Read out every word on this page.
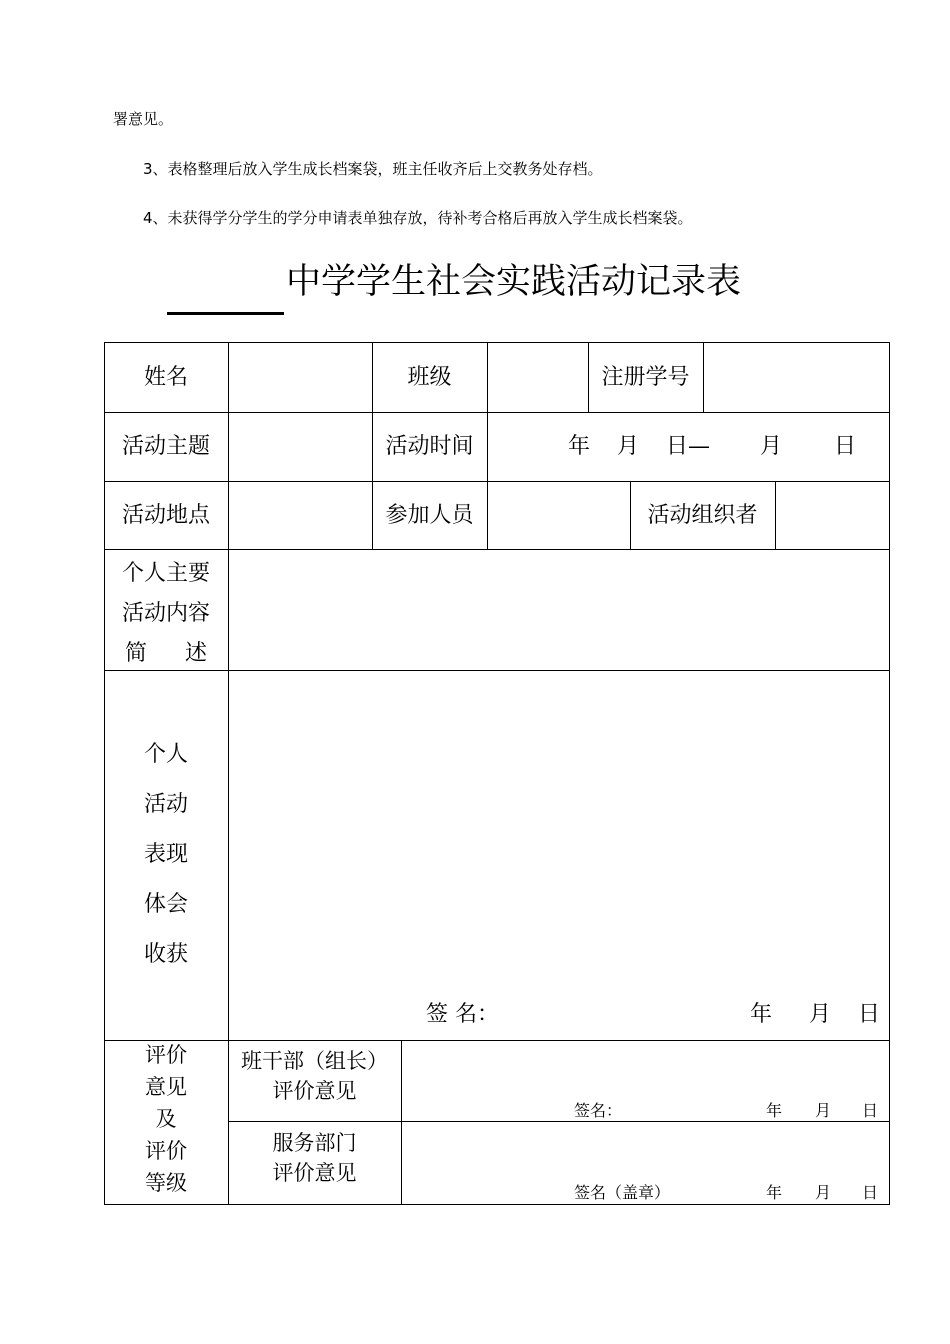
署意见。
3、表格整理后放入学生成长档案袋，班主任收齐后上交教务处存档。
4、未获得学分学生的学分申请表单独存放，待补考合格后再放入学生成长档案袋。
中学学生社会实践活动记录表
姓名	班级	注册学号
活动主题	活动时间	年 月 日— 月 日
活动地点	参加人员	活动组织者
个人主要
活动内容
简 述
个人
活动
表现
体会
收获
签 名：	年 月 日
评价
意见
及
评价
等级
班干部（组长）
评价意见
签名：	年 月 日
服务部门
评价意见
签名（盖章）	年 月 日
